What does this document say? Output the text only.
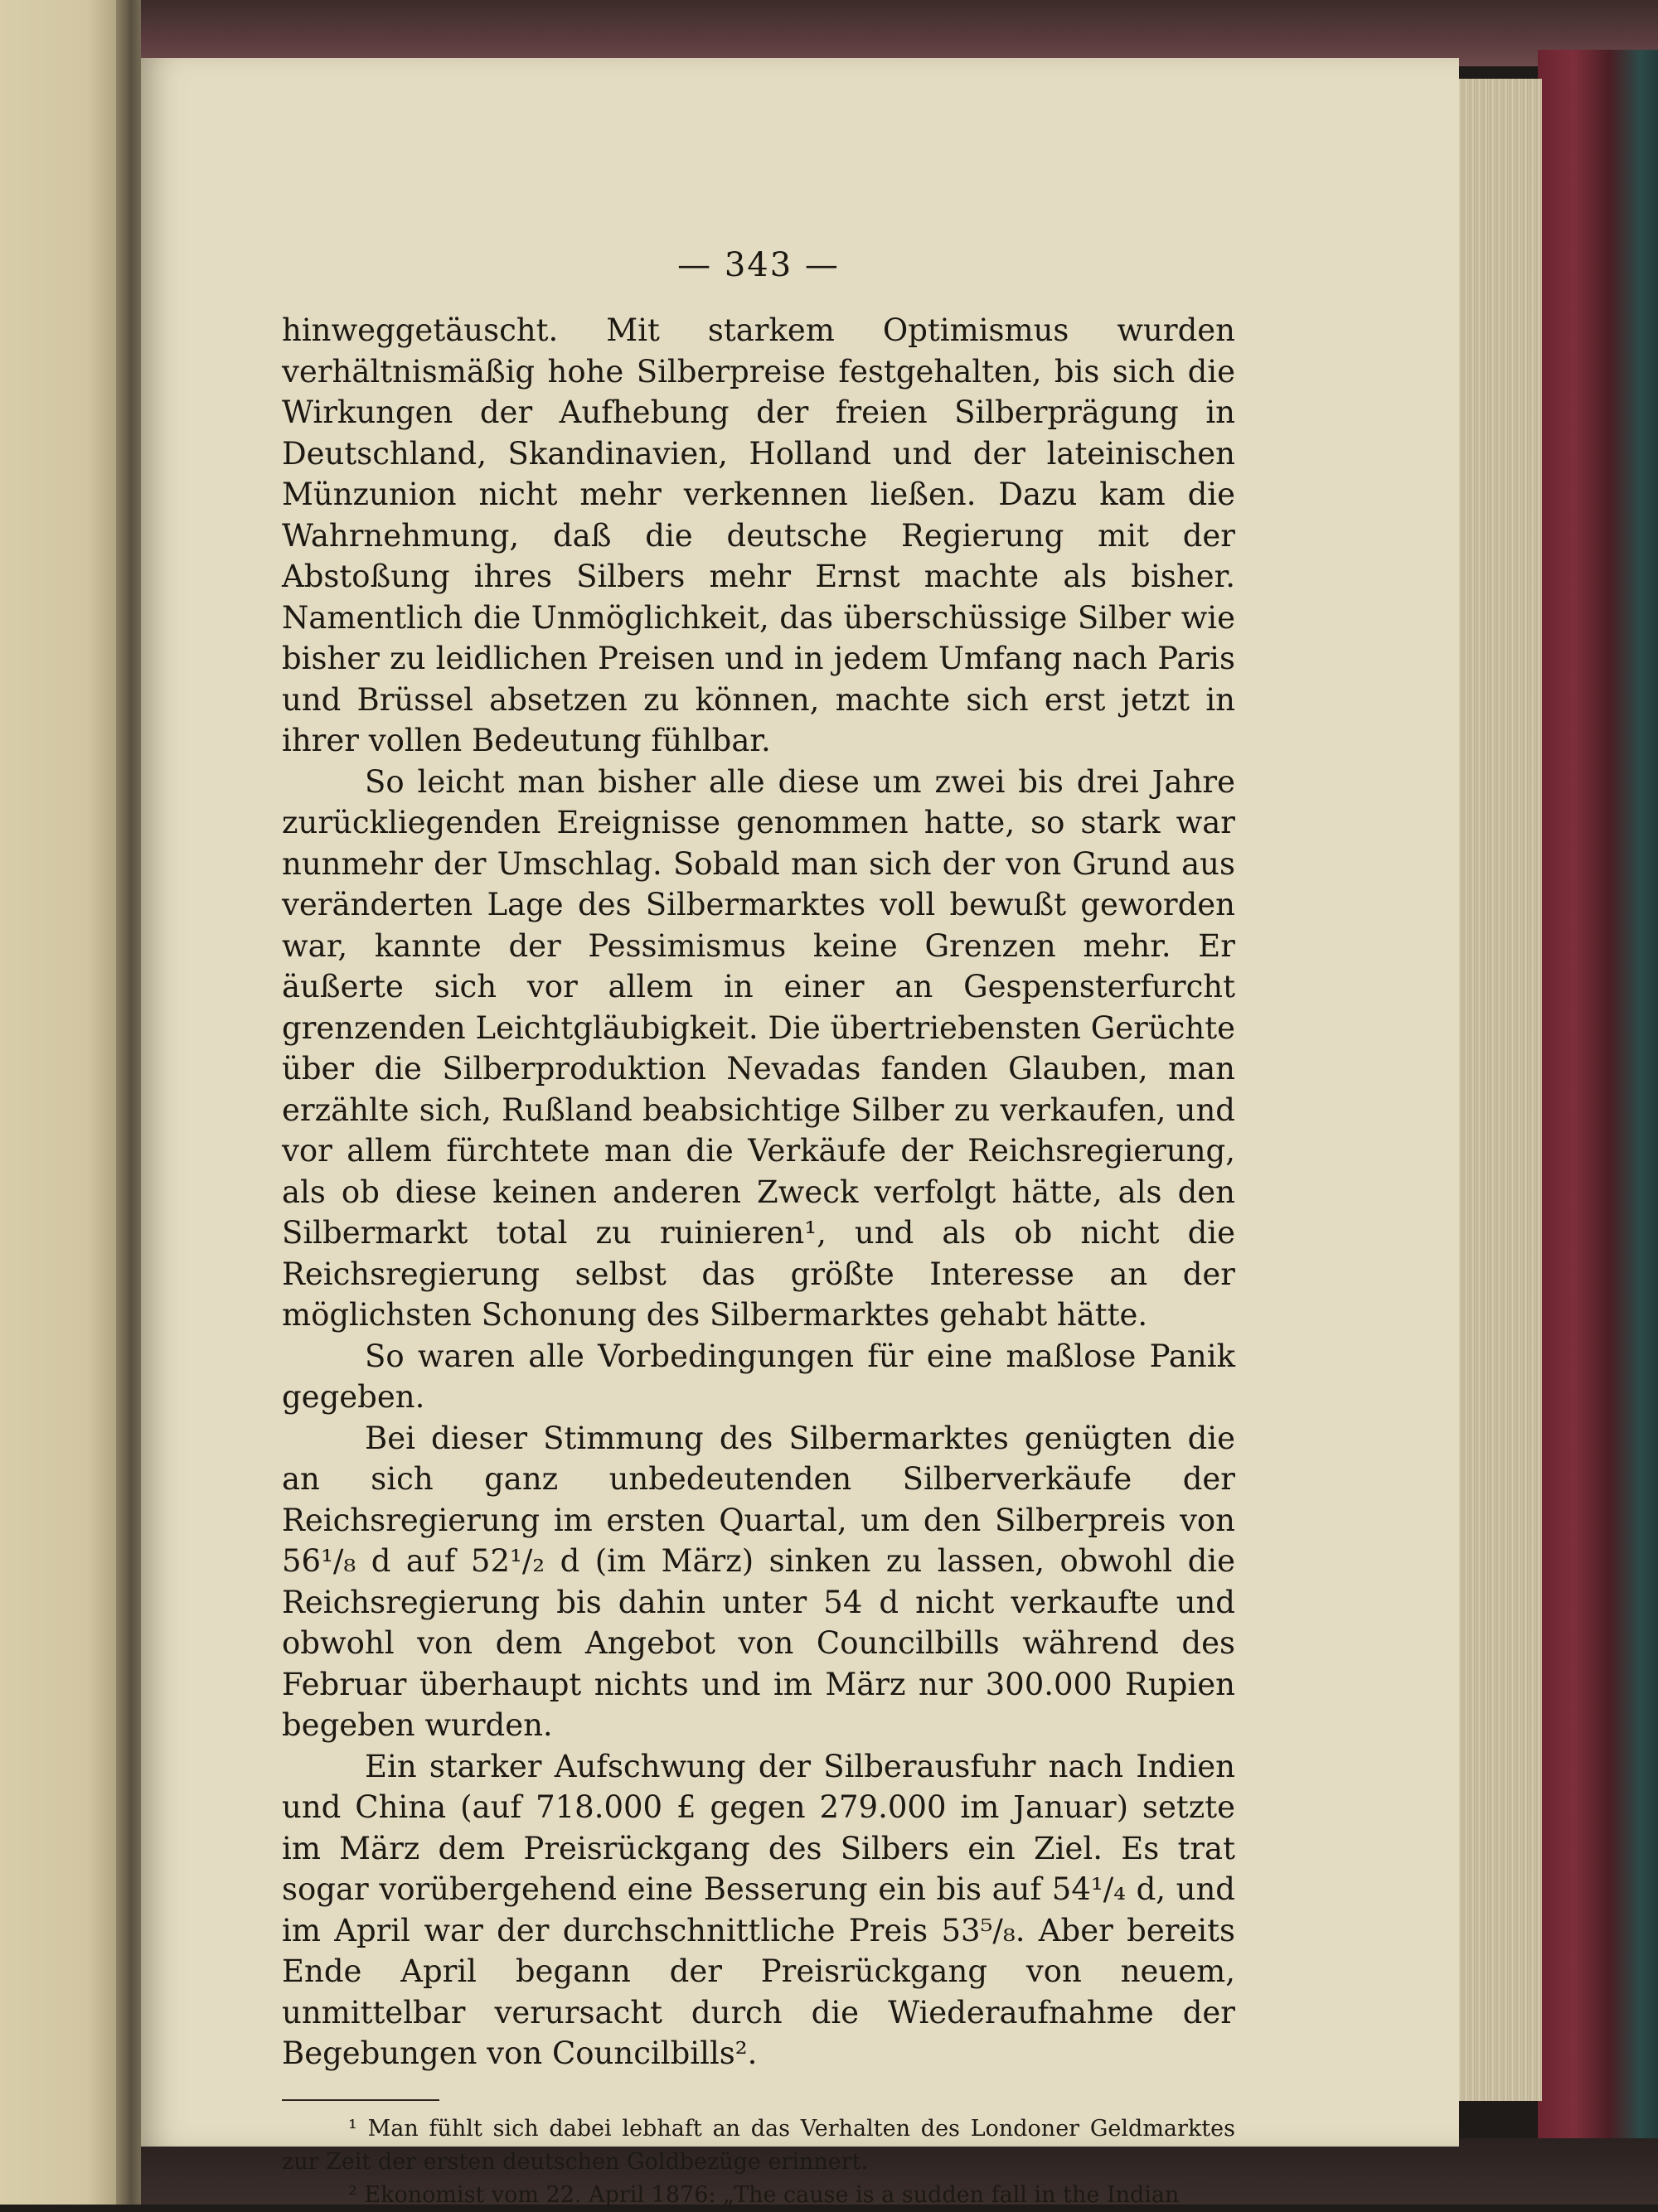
— 343 —

hinweggetäuscht. Mit starkem Optimismus wurden verhältnismäßig hohe Silberpreise festgehalten, bis sich die Wirkungen der Aufhebung der freien Silberprägung in Deutschland, Skandinavien, Holland und der lateinischen Münzunion nicht mehr verkennen ließen. Dazu kam die Wahrnehmung, daß die deutsche Regierung mit der Abstoßung ihres Silbers mehr Ernst machte als bisher. Namentlich die Unmöglichkeit, das überschüssige Silber wie bisher zu leidlichen Preisen und in jedem Umfang nach Paris und Brüssel absetzen zu können, machte sich erst jetzt in ihrer vollen Bedeutung fühlbar.

So leicht man bisher alle diese um zwei bis drei Jahre zurückliegenden Ereignisse genommen hatte, so stark war nunmehr der Umschlag. Sobald man sich der von Grund aus veränderten Lage des Silbermarktes voll bewußt geworden war, kannte der Pessimismus keine Grenzen mehr. Er äußerte sich vor allem in einer an Gespensterfurcht grenzenden Leichtgläubigkeit. Die übertriebensten Gerüchte über die Silberproduktion Nevadas fanden Glauben, man erzählte sich, Rußland beabsichtige Silber zu verkaufen, und vor allem fürchtete man die Verkäufe der Reichsregierung, als ob diese keinen anderen Zweck verfolgt hätte, als den Silbermarkt total zu ruinieren¹, und als ob nicht die Reichsregierung selbst das größte Interesse an der möglichsten Schonung des Silbermarktes gehabt hätte.

So waren alle Vorbedingungen für eine maßlose Panik gegeben.

Bei dieser Stimmung des Silbermarktes genügten die an sich ganz unbedeutenden Silberverkäufe der Reichsregierung im ersten Quartal, um den Silberpreis von 56¹/₈ d auf 52¹/₂ d (im März) sinken zu lassen, obwohl die Reichsregierung bis dahin unter 54 d nicht verkaufte und obwohl von dem Angebot von Councilbills während des Februar überhaupt nichts und im März nur 300.000 Rupien begeben wurden.

Ein starker Aufschwung der Silberausfuhr nach Indien und China (auf 718.000 £ gegen 279.000 im Januar) setzte im März dem Preisrückgang des Silbers ein Ziel. Es trat sogar vorübergehend eine Besserung ein bis auf 54¹/₄ d, und im April war der durchschnittliche Preis 53⁵/₈. Aber bereits Ende April begann der Preisrückgang von neuem, unmittelbar verursacht durch die Wiederaufnahme der Begebungen von Councilbills².

¹ Man fühlt sich dabei lebhaft an das Verhalten des Londoner Geldmarktes zur Zeit der ersten deutschen Goldbezüge erinnert.

² Ekonomist vom 22. April 1876: „The cause is a sudden fall in the Indian
